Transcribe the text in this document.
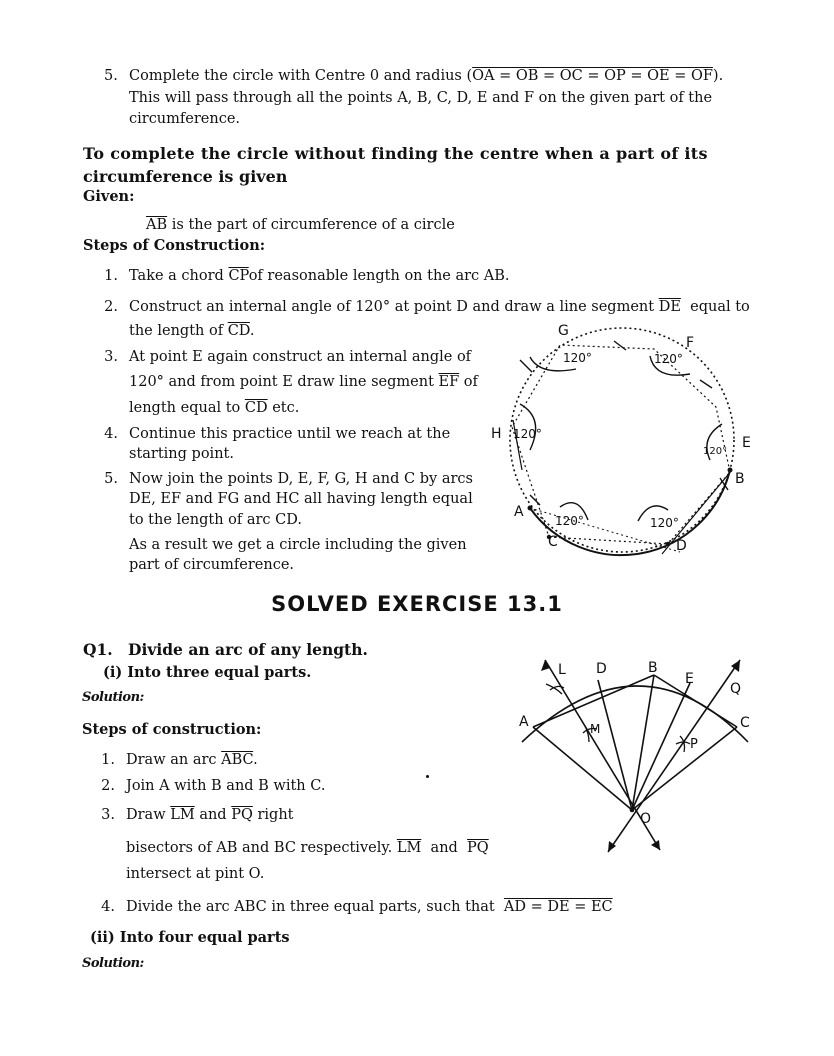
5. Complete the circle with Centre 0 and radius (OA = OB = OC = OP = OE = OF).
This will pass through all the points A, B, C, D, E and F on the given part of the
circumference.
To complete the circle without finding the centre when a part of its
circumference is given
Given:
$\overline{AB}$ is the part of circumference of a circle
Steps of Construction:
1. Take a chord $\overline{CP}of$ reasonable length on the arc AB.
2. Construct an internal angle of 120° at point D and draw a line segment $\overline{DE}$ equal to
the length of $\overline{CD}$.
3. At point E again construct an internal angle of
120° and from point E draw line segment $\overline{EF}$ of
length equal to $\overline{CD}$ etc.
4. Continue this practice until we reach at the
starting point.
5. Now join the points D, E, F, G, H and C by arcs
DE, EF and FG and HC all having length equal
to the length of arc CD.
As a result we get a circle including the given
part of circumference.
120°	120°
120°
120°
120°	120°
G
F
H
E
B
A
C	D
SOLVED EXERCISE 13.1
Q1. Divide an arc of any length.
(i) Into three equal parts.
Solution:
Steps of construction:
1. Draw an arc $\overline{ABC}$.
2. Join A with B and B with C.
3. Draw $\overline{LM}$ and $\overline{PQ}$ right
bisectors of AB and BC respectively. $\overline{LM}$ and $\overline{PQ}$
intersect at pint O.
4. Divide the arc ABC in three equal parts, such that AD = DE = EC
(ii) Into four equal parts
Solution:
L D	B
E
Q
A	M	C
P
O
